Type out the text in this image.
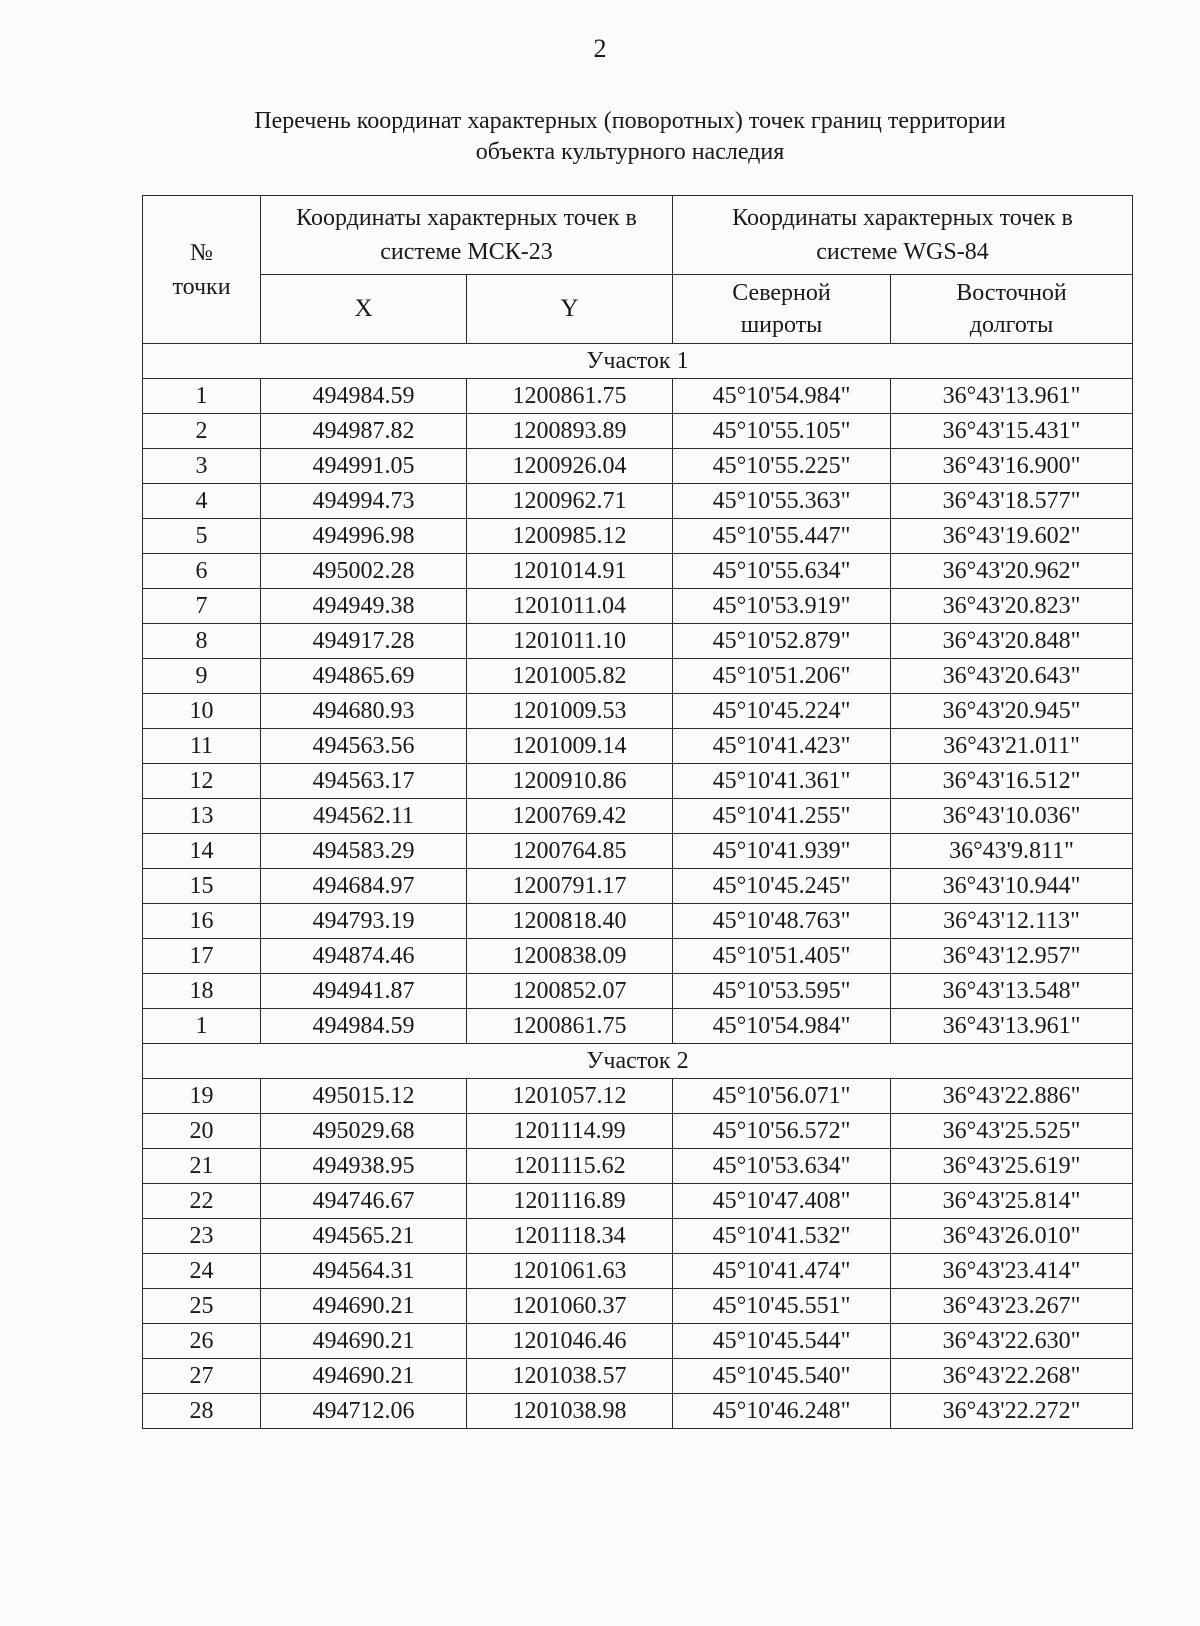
2
Перечень координат характерных (поворотных) точек границ территории
объекта культурного наследия
№ точки	Координаты характерных точек в системе МСК-23		Координаты характерных точек в системе WGS-84	
	X	Y	Северной широты	Восточной долготы
Участок 1				
1	494984.59	1200861.75	45°10'54.984"	36°43'13.961"
2	494987.82	1200893.89	45°10'55.105"	36°43'15.431"
3	494991.05	1200926.04	45°10'55.225"	36°43'16.900"
4	494994.73	1200962.71	45°10'55.363"	36°43'18.577"
5	494996.98	1200985.12	45°10'55.447"	36°43'19.602"
6	495002.28	1201014.91	45°10'55.634"	36°43'20.962"
7	494949.38	1201011.04	45°10'53.919"	36°43'20.823"
8	494917.28	1201011.10	45°10'52.879"	36°43'20.848"
9	494865.69	1201005.82	45°10'51.206"	36°43'20.643"
10	494680.93	1201009.53	45°10'45.224"	36°43'20.945"
11	494563.56	1201009.14	45°10'41.423"	36°43'21.011"
12	494563.17	1200910.86	45°10'41.361"	36°43'16.512"
13	494562.11	1200769.42	45°10'41.255"	36°43'10.036"
14	494583.29	1200764.85	45°10'41.939"	36°43'9.811"
15	494684.97	1200791.17	45°10'45.245"	36°43'10.944"
16	494793.19	1200818.40	45°10'48.763"	36°43'12.113"
17	494874.46	1200838.09	45°10'51.405"	36°43'12.957"
18	494941.87	1200852.07	45°10'53.595"	36°43'13.548"
1	494984.59	1200861.75	45°10'54.984"	36°43'13.961"
Участок 2				
19	495015.12	1201057.12	45°10'56.071"	36°43'22.886"
20	495029.68	1201114.99	45°10'56.572"	36°43'25.525"
21	494938.95	1201115.62	45°10'53.634"	36°43'25.619"
22	494746.67	1201116.89	45°10'47.408"	36°43'25.814"
23	494565.21	1201118.34	45°10'41.532"	36°43'26.010"
24	494564.31	1201061.63	45°10'41.474"	36°43'23.414"
25	494690.21	1201060.37	45°10'45.551"	36°43'23.267"
26	494690.21	1201046.46	45°10'45.544"	36°43'22.630"
27	494690.21	1201038.57	45°10'45.540"	36°43'22.268"
28	494712.06	1201038.98	45°10'46.248"	36°43'22.272"
